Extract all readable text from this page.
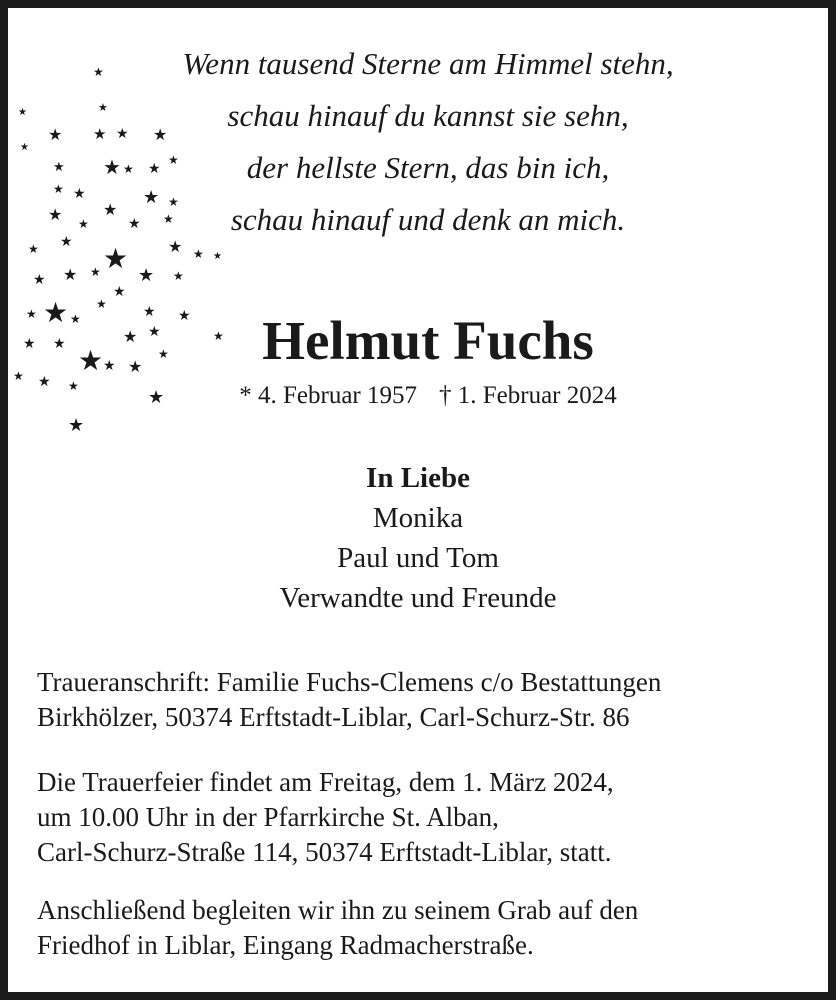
★
★
★ ★ ★ ★
★ ★ ★ ★
★
★	★ ★
★ ★
★
★ ★
★ ★
★ ★
★ ★ ★
★ ★ ★
★
★
★
★ ★
★
★ ★
★
★
★ ★
★ ★ ★
★
★ ★ ★
★
★
★
★
★
★
Wenn tausend Sterne am Himmel stehn,
schau hinauf du kannst sie sehn,
der hellste Stern, das bin ich,
schau hinauf und denk an mich.
Helmut Fuchs
* 4. Februar 1957 † 1. Februar 2024
In Liebe
Monika
Paul und Tom
Verwandte und Freunde
Traueranschrift: Familie Fuchs-Clemens c/o Bestattungen
Birkhölzer, 50374 Erftstadt-Liblar, Carl-Schurz-Str. 86
Die Trauerfeier findet am Freitag, dem 1. März 2024,
um 10.00 Uhr in der Pfarrkirche St. Alban,
Carl-Schurz-Straße 114, 50374 Erftstadt-Liblar, statt.
Anschließend begleiten wir ihn zu seinem Grab auf den
Friedhof in Liblar, Eingang Radmacherstraße.
